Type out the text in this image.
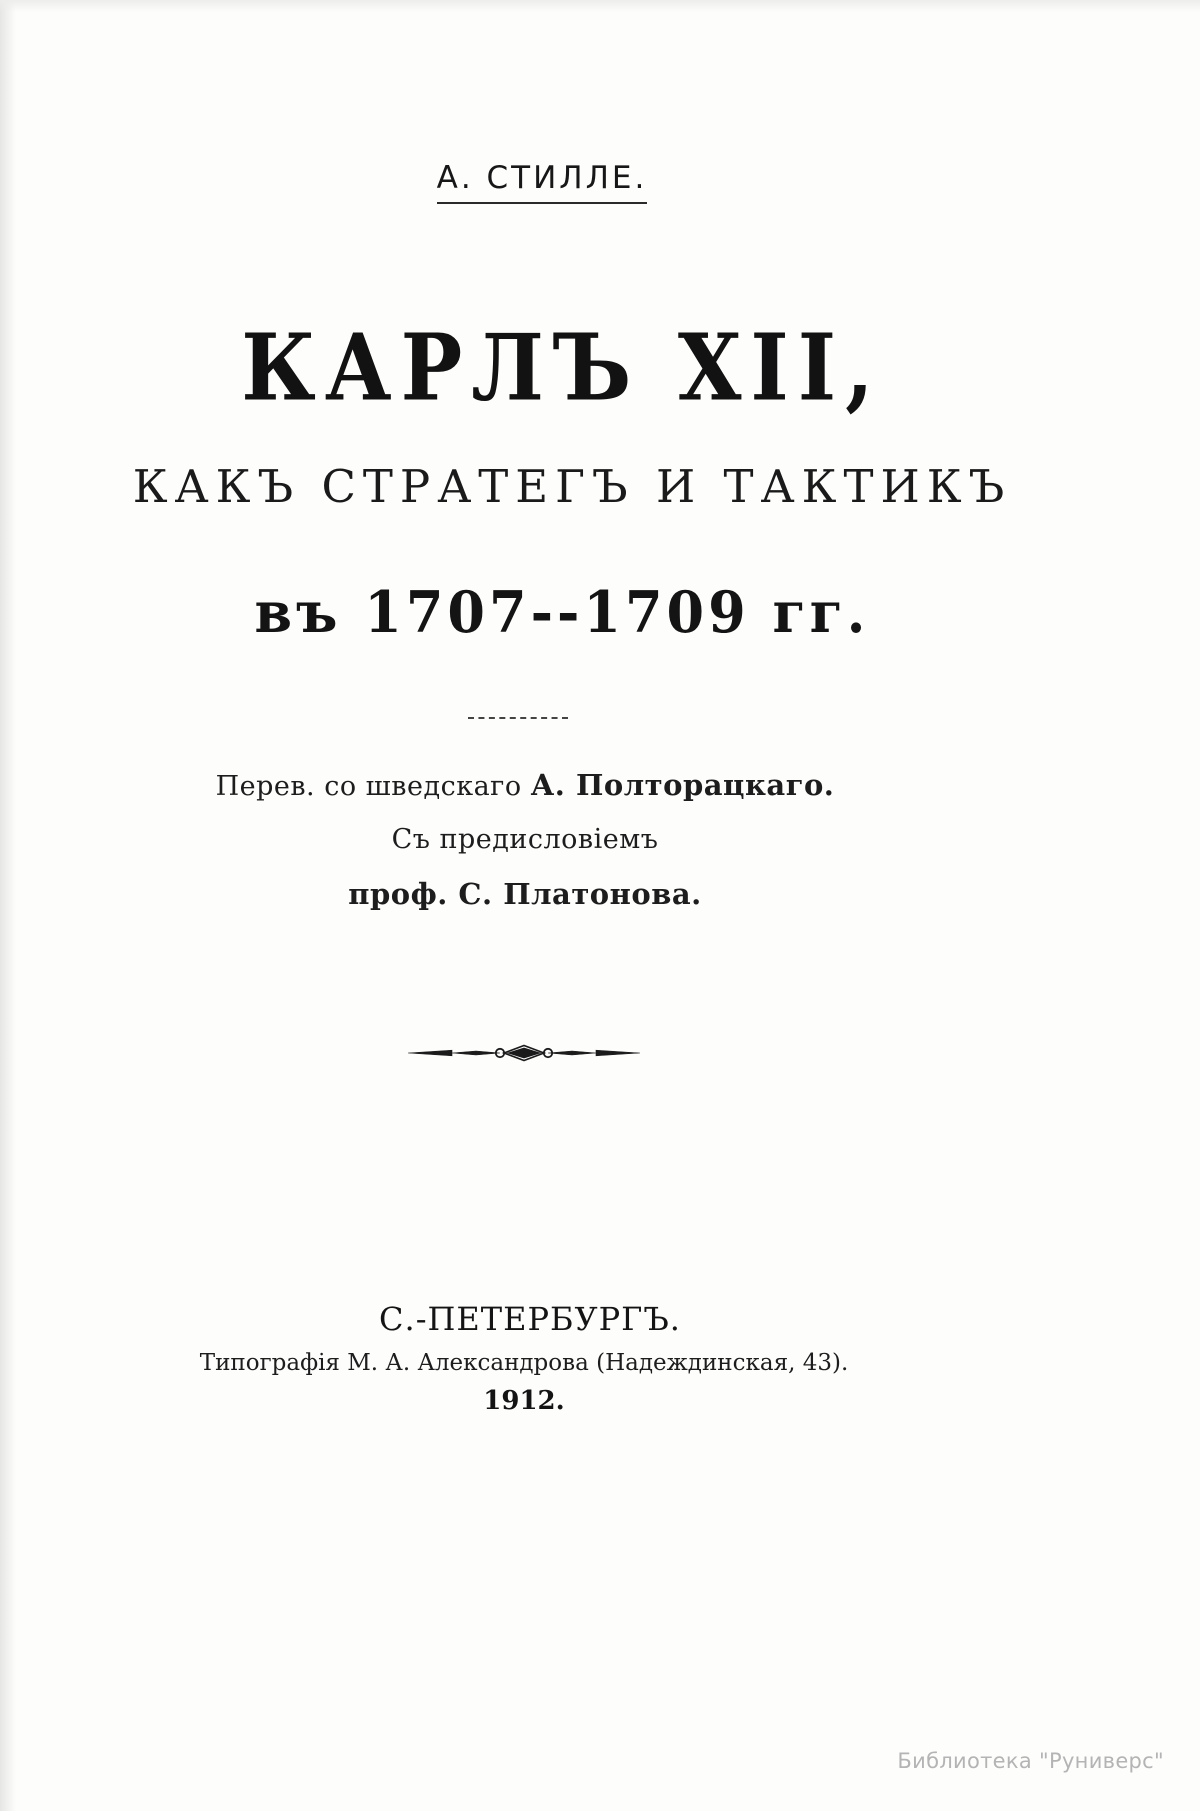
А. СТИЛЛЕ.
КАРЛЪ XII,
КАКЪ СТРАТЕГЪ И ТАКТИКЪ
въ 1707--1709 гг.

Перев. со шведскаго А. Полторацкаго.

Съ предисловіемъ

проф. С. Платонова.

С.-ПЕТЕРБУРГЪ.

Типографія М. А. Александрова (Надеждинская, 43).

1912.

Библиотека "Руниверс"
